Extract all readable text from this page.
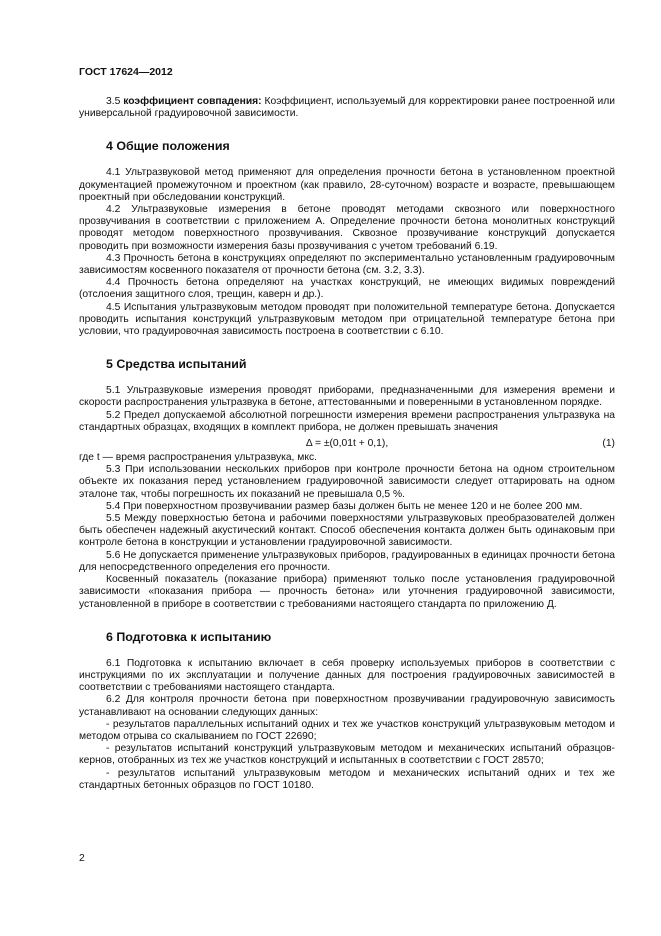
ГОСТ 17624—2012

3.5 коэффициент совпадения: Коэффициент, используемый для корректировки ранее построенной или универсальной градуировочной зависимости.

4 Общие положения

4.1 Ультразвуковой метод применяют для определения прочности бетона в установленном проектной документацией промежуточном и проектном (как правило, 28-суточном) возрасте и возрасте, превышающем проектный при обследовании конструкций.

4.2 Ультразвуковые измерения в бетоне проводят методами сквозного или поверхностного прозвучивания в соответствии с приложением А. Определение прочности бетона монолитных конструкций проводят методом поверхностного прозвучивания. Сквозное прозвучивание конструкций допускается проводить при возможности измерения базы прозвучивания с учетом требований 6.19.

4.3 Прочность бетона в конструкциях определяют по экспериментально установленным градуировочным зависимостям косвенного показателя от прочности бетона (см. 3.2, 3.3).

4.4 Прочность бетона определяют на участках конструкций, не имеющих видимых повреждений (отслоения защитного слоя, трещин, каверн и др.).

4.5 Испытания ультразвуковым методом проводят при положительной температуре бетона. Допускается проводить испытания конструкций ультразвуковым методом при отрицательной температуре бетона при условии, что градуировочная зависимость построена в соответствии с 6.10.

5 Средства испытаний

5.1 Ультразвуковые измерения проводят приборами, предназначенными для измерения времени и скорости распространения ультразвука в бетоне, аттестованными и поверенными в установленном порядке.

5.2 Предел допускаемой абсолютной погрешности измерения времени распространения ультразвука на стандартных образцах, входящих в комплект прибора, не должен превышать значения

Δ = ±(0,01t + 0,1),	(1)

где t — время распространения ультразвука, мкс.

5.3 При использовании нескольких приборов при контроле прочности бетона на одном строительном объекте их показания перед установлением градуировочной зависимости следует оттарировать на одном эталоне так, чтобы погрешность их показаний не превышала 0,5 %.

5.4 При поверхностном прозвучивании размер базы должен быть не менее 120 и не более 200 мм.

5.5 Между поверхностью бетона и рабочими поверхностями ультразвуковых преобразователей должен быть обеспечен надежный акустический контакт. Способ обеспечения контакта должен быть одинаковым при контроле бетона в конструкции и установлении градуировочной зависимости.

5.6 Не допускается применение ультразвуковых приборов, градуированных в единицах прочности бетона для непосредственного определения его прочности.

Косвенный показатель (показание прибора) применяют только после установления градуировочной зависимости «показания прибора — прочность бетона» или уточнения градуировочной зависимости, установленной в приборе в соответствии с требованиями настоящего стандарта по приложению Д.

6 Подготовка к испытанию

6.1 Подготовка к испытанию включает в себя проверку используемых приборов в соответствии с инструкциями по их эксплуатации и получение данных для построения градуировочных зависимостей в соответствии с требованиями настоящего стандарта.

6.2 Для контроля прочности бетона при поверхностном прозвучивании градуировочную зависимость устанавливают на основании следующих данных:

- результатов параллельных испытаний одних и тех же участков конструкций ультразвуковым методом и методом отрыва со скалыванием по ГОСТ 22690;

- результатов испытаний конструкций ультразвуковым методом и механических испытаний образцов-кернов, отобранных из тех же участков конструкций и испытанных в соответствии с ГОСТ 28570;

- результатов испытаний ультразвуковым методом и механических испытаний одних и тех же стандартных бетонных образцов по ГОСТ 10180.

2
